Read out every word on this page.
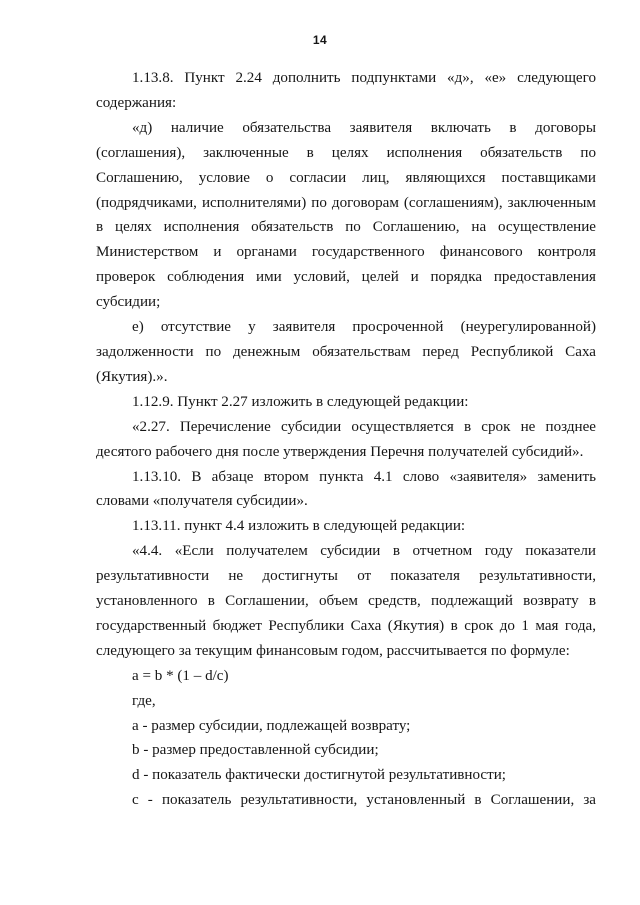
14

1.13.8. Пункт 2.24 дополнить подпунктами «д», «е» следующего содержания:

«д) наличие обязательства заявителя включать в договоры (соглашения), заключенные в целях исполнения обязательств по Соглашению, условие о согласии лиц, являющихся поставщиками (подрядчиками, исполнителями) по договорам (соглашениям), заключенным в целях исполнения обязательств по Соглашению, на осуществление Министерством и органами государственного финансового контроля проверок соблюдения ими условий, целей и порядка предоставления субсидии;

е) отсутствие у заявителя просроченной (неурегулированной) задолженности по денежным обязательствам перед Республикой Саха (Якутия).».

1.12.9. Пункт 2.27 изложить в следующей редакции:

«2.27. Перечисление субсидии осуществляется в срок не позднее десятого рабочего дня после утверждения Перечня получателей субсидий».

1.13.10. В абзаце втором пункта 4.1 слово «заявителя» заменить словами «получателя субсидии».

1.13.11. пункт 4.4 изложить в следующей редакции:

«4.4. «Если получателем субсидии в отчетном году показатели результативности не достигнуты от показателя результативности, установленного в Соглашении, объем средств, подлежащий возврату в государственный бюджет Республики Саха (Якутия) в срок до 1 мая года, следующего за текущим финансовым годом, рассчитывается по формуле:

a = b * (1 – d/c)

где,

a - размер субсидии, подлежащей возврату;

b - размер предоставленной субсидии;

d - показатель фактически достигнутой результативности;

c - показатель результативности, установленный в Соглашении, за
